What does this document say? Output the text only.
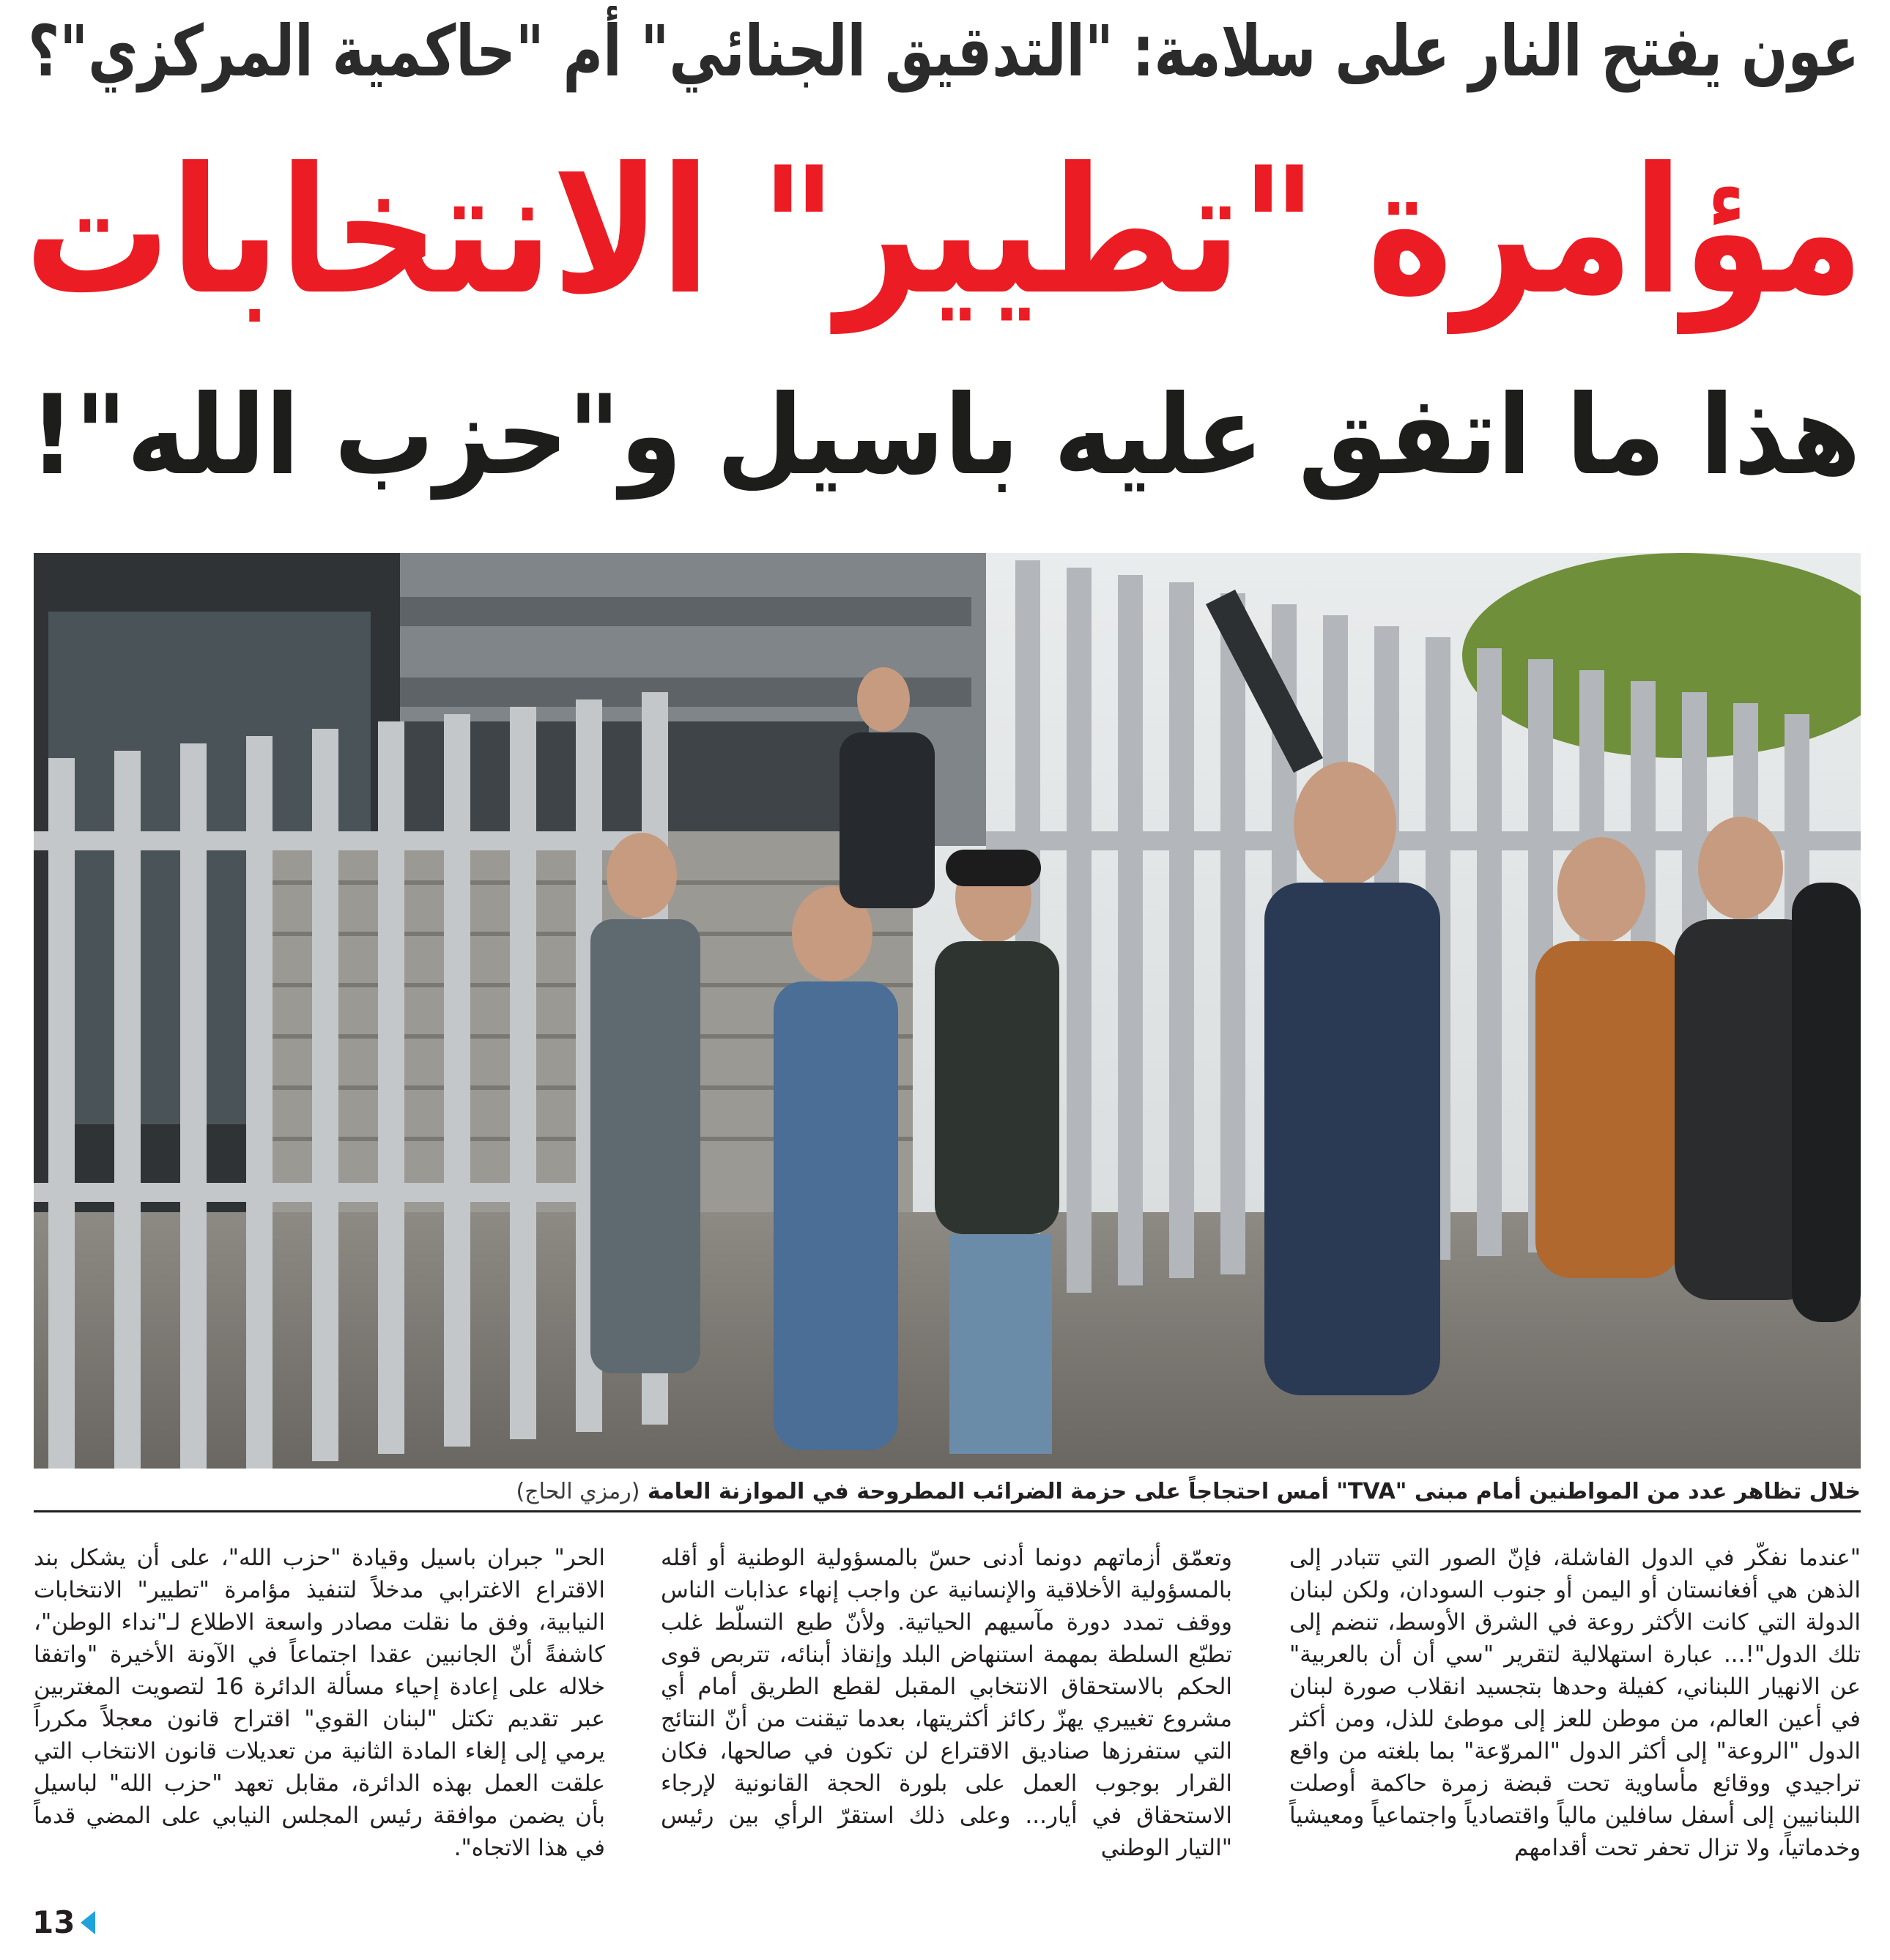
عون يفتح النار على سلامة: "التدقيق الجنائي" أم "حاكمية المركزي"؟
مؤامرة "تطيير" الانتخابات
هذا ما اتفق عليه باسيل و"حزب الله"!
خلال تظاهر عدد من المواطنين أمام مبنى "TVA" أمس احتجاجاً على حزمة الضرائب المطروحة في الموازنة العامة (رمزي الحاج)

"عندما نفكّر في الدول الفاشلة، فإنّ الصور التي تتبادر إلى الذهن هي أفغانستان أو اليمن أو جنوب السودان، ولكن لبنان الدولة التي كانت الأكثر روعة في الشرق الأوسط، تنضم إلى تلك الدول"!... عبارة استهلالية لتقرير "سي أن أن بالعربية" عن الانهيار اللبناني، كفيلة وحدها بتجسيد انقلاب صورة لبنان في أعين العالم، من موطن للعز إلى موطئ للذل، ومن أكثر الدول "الروعة" إلى أكثر الدول "المروّعة" بما بلغته من واقع تراجيدي ووقائع مأساوية تحت قبضة زمرة حاكمة أوصلت اللبنانيين إلى أسفل سافلين مالياً واقتصادياً واجتماعياً ومعيشياً وخدماتياً، ولا تزال تحفر تحت أقدامهم

وتعمّق أزماتهم دونما أدنى حسّ بالمسؤولية الوطنية أو أقله بالمسؤولية الأخلاقية والإنسانية عن واجب إنهاء عذابات الناس ووقف تمدد دورة مآسيهم الحياتية. ولأنّ طبع التسلّط غلب تطبّع السلطة بمهمة استنهاض البلد وإنقاذ أبنائه، تتربص قوى الحكم بالاستحقاق الانتخابي المقبل لقطع الطريق أمام أي مشروع تغييري يهزّ ركائز أكثريتها، بعدما تيقنت من أنّ النتائج التي ستفرزها صناديق الاقتراع لن تكون في صالحها، فكان القرار بوجوب العمل على بلورة الحجة القانونية لإرجاء الاستحقاق في أيار... وعلى ذلك استقرّ الرأي بين رئيس "التيار الوطني

الحر" جبران باسيل وقيادة "حزب الله"، على أن يشكل بند الاقتراع الاغترابي مدخلاً لتنفيذ مؤامرة "تطيير" الانتخابات النيابية، وفق ما نقلت مصادر واسعة الاطلاع لـ"نداء الوطن"، كاشفةً أنّ الجانبين عقدا اجتماعاً في الآونة الأخيرة "واتفقا خلاله على إعادة إحياء مسألة الدائرة 16 لتصويت المغتربين عبر تقديم تكتل "لبنان القوي" اقتراح قانون معجلاً مكرراً يرمي إلى إلغاء المادة الثانية من تعديلات قانون الانتخاب التي علقت العمل بهذه الدائرة، مقابل تعهد "حزب الله" لباسيل بأن يضمن موافقة رئيس المجلس النيابي على المضي قدماً في هذا الاتجاه".

13
